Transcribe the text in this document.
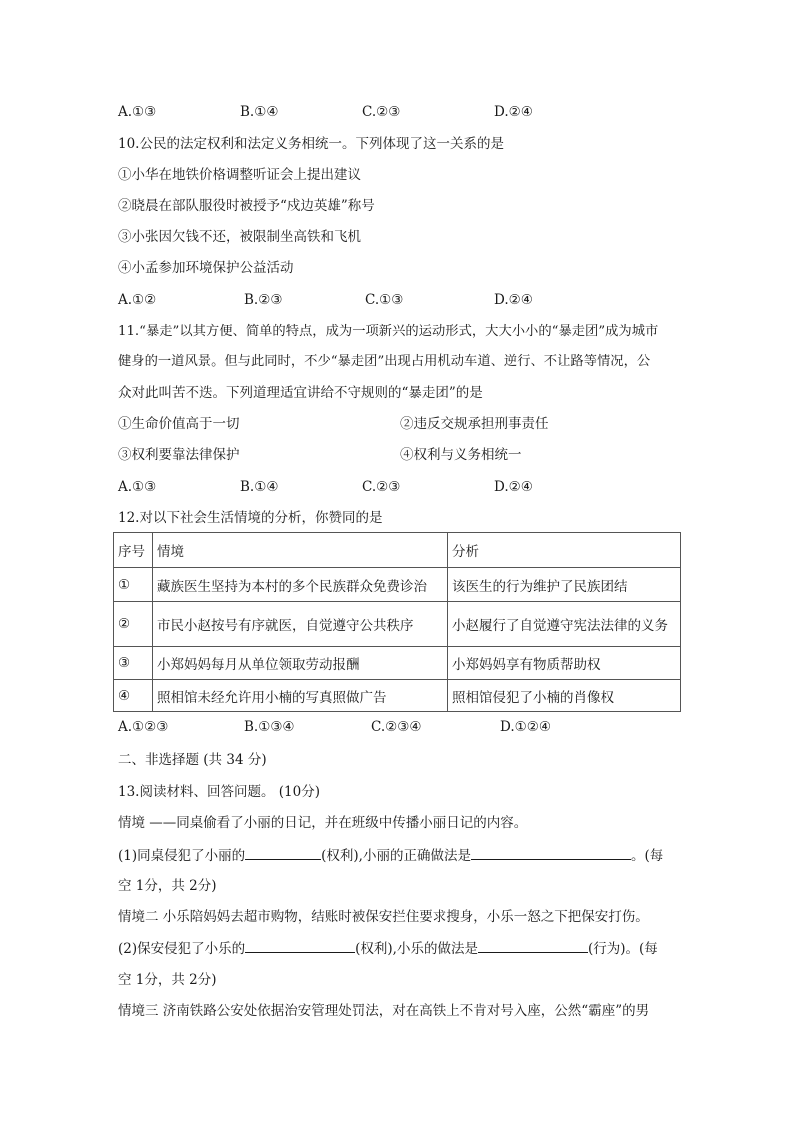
A.①③	B.①④	C.②③	D.②④
10.公民的法定权利和法定义务相统一。下列体现了这一关系的是
①小华在地铁价格调整听证会上提出建议
②晓晨在部队服役时被授予“戍边英雄”称号
③小张因欠钱不还，被限制坐高铁和飞机
④小孟参加环境保护公益活动
A.①②	B.②③	C.①③	D.②④
11.“暴走”以其方便、简单的特点，成为一项新兴的运动形式，大大小小的“暴走团”成为城市
健身的一道风景。但与此同时，不少“暴走团”出现占用机动车道、逆行、不让路等情况，公
众对此叫苦不迭。下列道理适宜讲给不守规则的“暴走团”的是
①生命价值高于一切	②违反交规承担刑事责任
③权利要靠法律保护	④权利与义务相统一
A.①③	B.①④	C.②③	D.②④
12.对以下社会生活情境的分析，你赞同的是
序号	情境	分析
①	藏族医生坚持为本村的多个民族群众免费诊治	该医生的行为维护了民族团结
②	市民小赵按号有序就医，自觉遵守公共秩序	小赵履行了自觉遵守宪法法律的义务
③	小郑妈妈每月从单位领取劳动报酬	小郑妈妈享有物质帮助权
④	照相馆未经允许用小楠的写真照做广告	照相馆侵犯了小楠的肖像权
A.①②③	B.①③④	C.②③④	D.①②④
二、非选择题 (共 34 分)
13.阅读材料、回答问题。 (10分)
情境 ——同桌偷看了小丽的日记，并在班级中传播小丽日记的内容。
(1)同桌侵犯了小丽的	(权利),小丽的正确做法是	。(每
空 1分，共 2分)
情境二 小乐陪妈妈去超市购物，结账时被保安拦住要求搜身，小乐一怒之下把保安打伤。
(2)保安侵犯了小乐的	(权利),小乐的做法是	(行为)。(每
空 1分，共 2分)
情境三 济南铁路公安处依据治安管理处罚法，对在高铁上不肯对号入座，公然“霸座”的男
